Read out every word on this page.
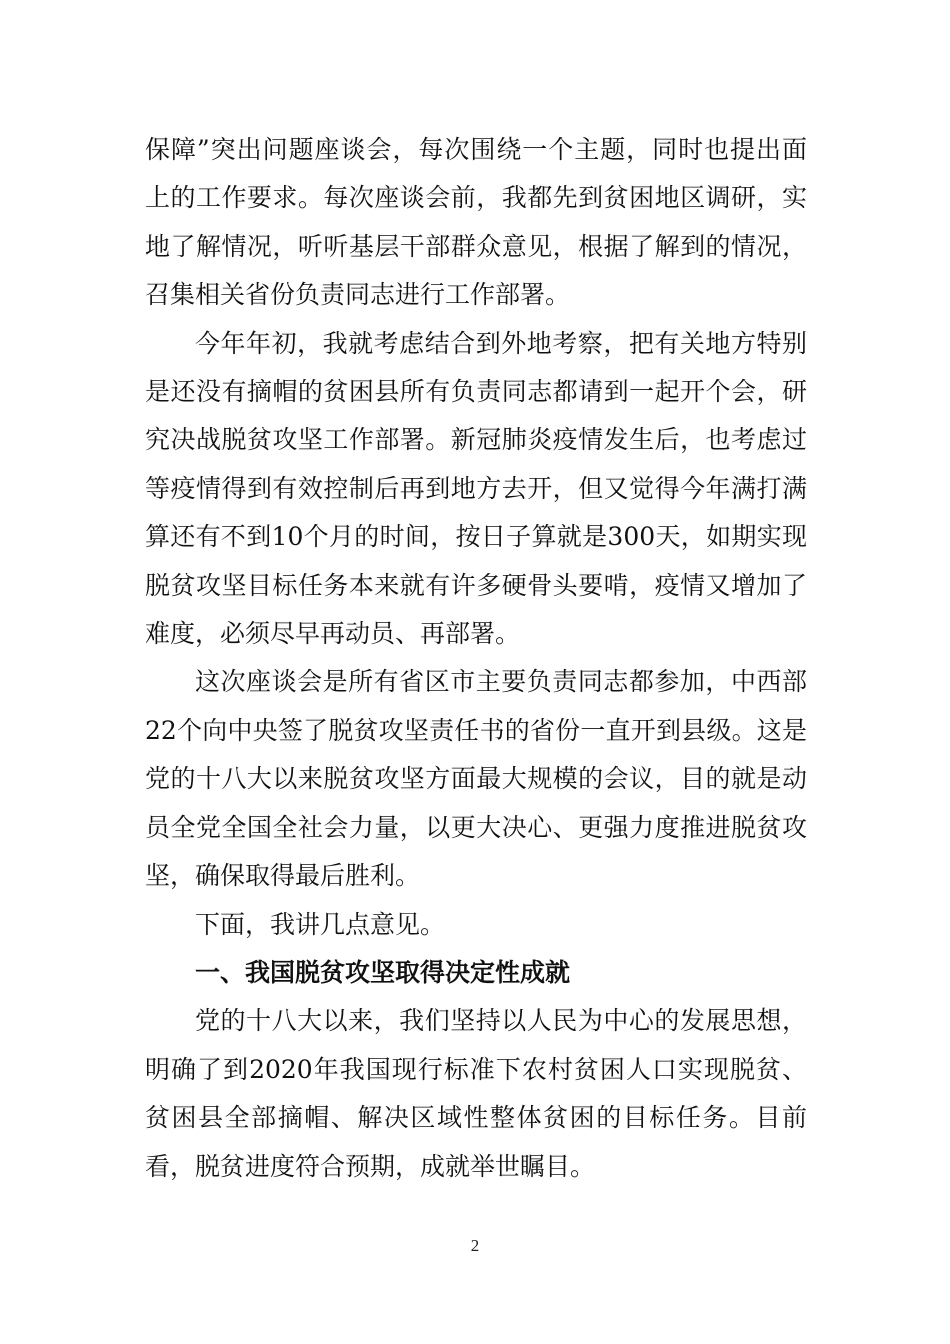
保障”突出问题座谈会，每次围绕一个主题，同时也提出面上的工作要求。每次座谈会前，我都先到贫困地区调研，实地了解情况，听听基层干部群众意见，根据了解到的情况，召集相关省份负责同志进行工作部署。

今年年初，我就考虑结合到外地考察，把有关地方特别是还没有摘帽的贫困县所有负责同志都请到一起开个会，研究决战脱贫攻坚工作部署。新冠肺炎疫情发生后，也考虑过等疫情得到有效控制后再到地方去开，但又觉得今年满打满算还有不到10个月的时间，按日子算就是300天，如期实现脱贫攻坚目标任务本来就有许多硬骨头要啃，疫情又增加了难度，必须尽早再动员、再部署。

这次座谈会是所有省区市主要负责同志都参加，中西部22个向中央签了脱贫攻坚责任书的省份一直开到县级。这是党的十八大以来脱贫攻坚方面最大规模的会议，目的就是动员全党全国全社会力量，以更大决心、更强力度推进脱贫攻坚，确保取得最后胜利。

下面，我讲几点意见。

一、我国脱贫攻坚取得决定性成就

党的十八大以来，我们坚持以人民为中心的发展思想，明确了到2020年我国现行标准下农村贫困人口实现脱贫、贫困县全部摘帽、解决区域性整体贫困的目标任务。目前看，脱贫进度符合预期，成就举世瞩目。

2
